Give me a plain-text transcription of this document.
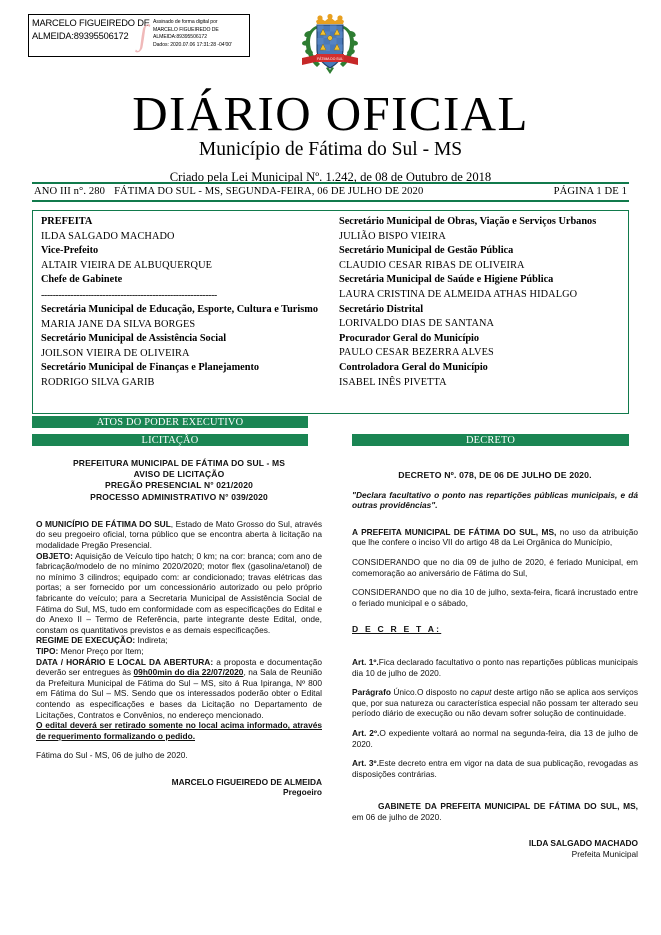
MARCELO FIGUEIREDO DE ALMEIDA:89395506172
Assinado de forma digital por
MARCELO FIGUEIREDO DE
ALMEIDA:89395506172
Dados: 2020.07.06 17:31:28 -04'00'
∫
FÁTIMA DO SUL
DIÁRIO OFICIAL
Município de Fátima do Sul - MS
Criado pela Lei Municipal Nº. 1.242, de 08 de Outubro de 2018
ANO III n°. 280 FÁTIMA DO SUL - MS, SEGUNDA-FEIRA, 06 DE JULHO DE 2020	PÁGINA 1 DE 1
PREFEITA
ILDA SALGADO MACHADO
Vice-Prefeito
ALTAIR VIEIRA DE ALBUQUERQUE
Chefe de Gabinete
------------------------------------------------------------
Secretária Municipal de Educação, Esporte, Cultura e Turismo
MARIA JANE DA SILVA BORGES
Secretário Municipal de Assistência Social
JOILSON VIEIRA DE OLIVEIRA
Secretário Municipal de Finanças e Planejamento
RODRIGO SILVA GARIB
Secretário Municipal de Obras, Viação e Serviços Urbanos
JULIÃO BISPO VIEIRA
Secretário Municipal de Gestão Pública
CLAUDIO CESAR RIBAS DE OLIVEIRA
Secretária Municipal de Saúde e Higiene Pública
LAURA CRISTINA DE ALMEIDA ATHAS HIDALGO
Secretário Distrital
LORIVALDO DIAS DE SANTANA
Procurador Geral do Município
PAULO CESAR BEZERRA ALVES
Controladora Geral do Município
ISABEL INÊS PIVETTA
ATOS DO PODER EXECUTIVO
LICITAÇÃO	DECRETO
PREFEITURA MUNICIPAL DE FÁTIMA DO SUL - MS
AVISO DE LICITAÇÃO
PREGÃO PRESENCIAL N° 021/2020
PROCESSO ADMINISTRATIVO N° 039/2020

O MUNICÍPIO DE FÁTIMA DO SUL, Estado de Mato Grosso do Sul, através do seu pregoeiro oficial, torna público que se encontra aberta à licitação na modalidade Pregão Presencial.

OBJETO: Aquisição de Veículo tipo hatch; 0 km; na cor: branca; com ano de fabricação/modelo de no mínimo 2020/2020; motor flex (gasolina/etanol) de no mínimo 3 cilindros; equipado com: ar condicionado; travas elétricas das portas; a ser fornecido por um concessionário autorizado ou pelo próprio fabricante do veículo; para a Secretaria Municipal de Assistência Social de Fátima do Sul, MS, tudo em conformidade com as especificações do Edital e do Anexo II – Termo de Referência, parte integrante deste Edital, onde, constam os quantitativos previstos e as demais especificações.

REGIME DE EXECUÇÃO: Indireta;

TIPO: Menor Preço por Item;

DATA / HORÁRIO E LOCAL DA ABERTURA: a proposta e documentação deverão ser entregues às 09h00min do dia 22/07/2020, na Sala de Reunião da Prefeitura Municipal de Fátima do Sul – MS, sito á Rua Ipiranga, Nº 800 em Fátima do Sul – MS. Sendo que os interessados poderão obter o Edital contendo as especificações e bases da Licitação no Departamento de Licitações, Contratos e Convênios, no endereço mencionado.

O edital deverá ser retirado somente no local acima informado, através de requerimento formalizando o pedido.

Fátima do Sul - MS, 06 de julho de 2020.

MARCELO FIGUEIREDO DE ALMEIDA
Pregoeiro
DECRETO Nº. 078, DE 06 DE JULHO DE 2020.

"Declara facultativo o ponto nas repartições públicas municipais, e dá outras providências".

A PREFEITA MUNICIPAL DE FÁTIMA DO SUL, MS, no uso da atribuição que lhe confere o inciso VII do artigo 48 da Lei Orgânica do Município,

CONSIDERANDO que no dia 09 de julho de 2020, é feriado Municipal, em comemoração ao aniversário de Fátima do Sul,

CONSIDERANDO que no dia 10 de julho, sexta-feira, ficará incrustado entre o feriado municipal e o sábado,

D E C R E T A:

Art. 1º.Fica declarado facultativo o ponto nas repartições públicas municipais dia 10 de julho de 2020.

Parágrafo Único.O disposto no caput deste artigo não se aplica aos serviços que, por sua natureza ou característica especial não possam ter alterado seu período diário de execução ou não devam sofrer solução de continuidade.

Art. 2º.O expediente voltará ao normal na segunda-feira, dia 13 de julho de 2020.

Art. 3º.Este decreto entra em vigor na data de sua publicação, revogadas as disposições contrárias.

GABINETE DA PREFEITA MUNICIPAL DE FÁTIMA DO SUL, MS, em 06 de julho de 2020.

ILDA SALGADO MACHADO
Prefeita Municipal
